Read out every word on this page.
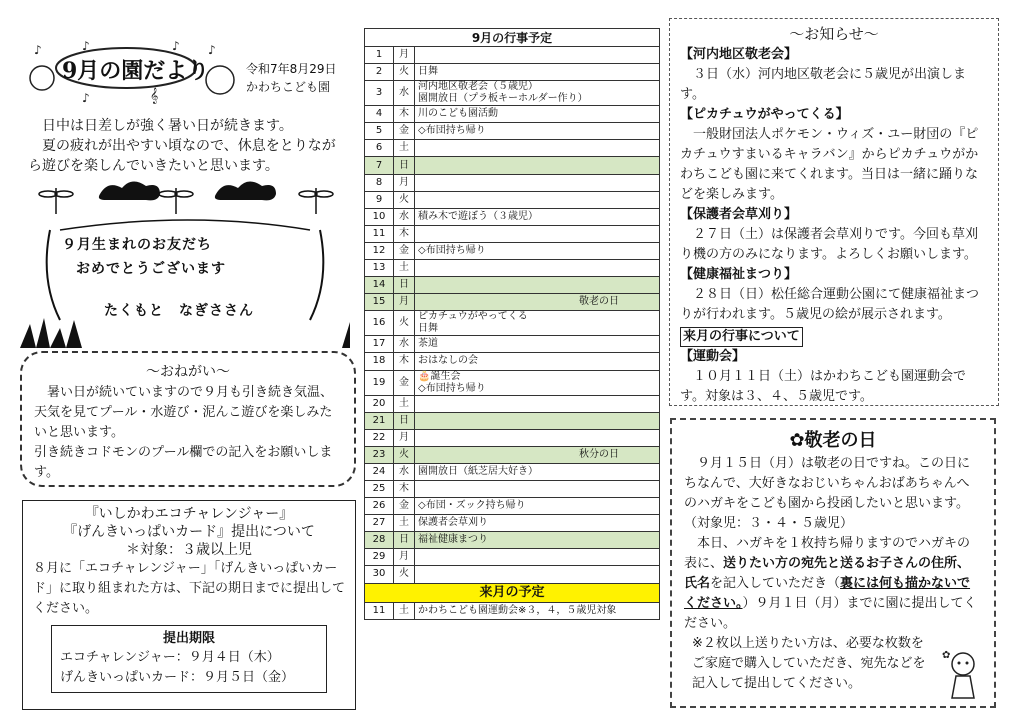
♪	♪	♪ ♪
♪	𝄞
9月の園だより	令和7年8月29日
かわちこども園

日中は日差しが強く暑い日が続きます。

夏の疲れが出やすい頃なので、休息をとりながら遊びを楽しんでいきたいと思います。

９月生まれのお友だち
おめでとうございます
たくもと　なぎささん
～おねがい～

暑い日が続いていますので９月も引き続き気温、天気を見てプール・水遊び・泥んこ遊びを楽しみたいと思います。

引き続きコドモンのプール欄での記入をお願いします。

『いしかわエコチャレンジャー』
『げんきいっぱいカード』提出について
＊対象：３歳以上児

８月に「エコチャレンジャー」「げんきいっぱいカード」に取り組まれた方は、下記の期日までに提出してください。

提出期限
エコチャレンジャー：９月４日（木）
げんきいっぱいカード：９月５日（金）
9月の行事予定		
1	月	

2	火	日舞

3	水	河内地区敬老会（５歳児）
園開放日（プラ板キーホルダー作り）

4	木	川のこども園活動

5	金	◇布団持ち帰り

6	土	

7	日	

8	月	

9	火	

10	水	積み木で遊ぼう（３歳児）

11	木	

12	金	◇布団持ち帰り

13	土	

14	日	

15	月	敬老の日

16	火	ピカチュウがやってくる
日舞

17	水	茶道

18	木	おはなしの会

19	金	🎂誕生会
◇布団持ち帰り

20	土	

21	日	

22	月	

23	火	秋分の日

24	水	園開放日（紙芝居大好き）

25	木	

26	金	◇布団・ズック持ち帰り

27	土	保護者会草刈り

28	日	福祉健康まつり

29	月	

30	火	

来月の予定		
11	土	かわちこども園運動会※３，４，５歳児対象
～お知らせ～
【河内地区敬老会】

３日（水）河内地区敬老会に５歳児が出演します。

【ピカチュウがやってくる】

一般財団法人ポケモン・ウィズ・ユー財団の『ピカチュウすまいるキャラバン』からピカチュウがかわちこども園に来てくれます。当日は一緒に踊りなどを楽しみます。

【保護者会草刈り】

２７日（土）は保護者会草刈りです。今回も草刈り機の方のみになります。よろしくお願いします。

【健康福祉まつり】

２８日（日）松任総合運動公園にて健康福祉まつりが行われます。５歳児の絵が展示されます。

来月の行事について
【運動会】

１０月１１日（土）はかわちこども園運動会です。対象は３、４、５歳児です。

✿敬老の日

９月１５日（月）は敬老の日ですね。この日にちなんで、大好きなおじいちゃんおばあちゃんへのハガキをこども園から投函したいと思います。（対象児：３・４・５歳児）

本日、ハガキを１枚持ち帰りますのでハガキの表に、送りたい方の宛先と送るお子さんの住所、氏名を記入していただき（裏には何も描かないでください。）９月１日（月）までに園に提出してください。

※２枚以上送りたい方は、必要な枚数をご家庭で購入していただき、宛先などを記入して提出してください。

✿
